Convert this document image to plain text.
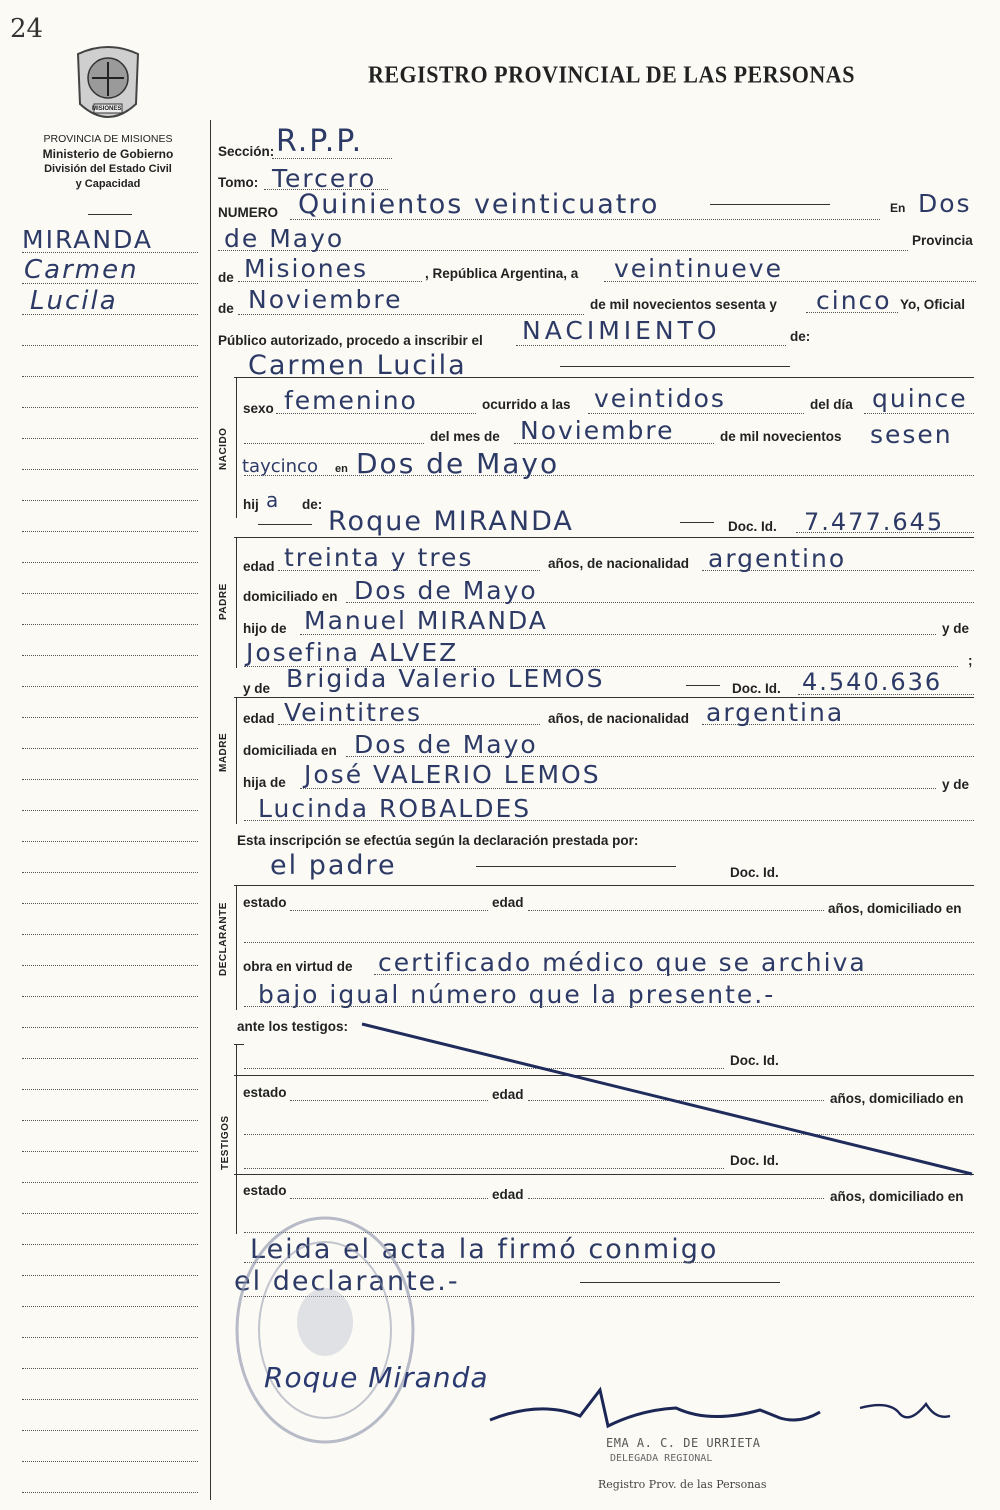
24
REGISTRO PROVINCIAL DE LAS PERSONAS
MISIONES
PROVINCIA DE MISIONES
Ministerio de Gobierno
División del Estado Civil
y Capacidad
MIRANDA
Carmen
Lucila
Sección: R.P.P.
Tomo: Tercero
NUMERO Quinientos veinticuatro	En Dos
de Mayo	Provincia
de Misiones	, República Argentina, a veintinueve
de Noviembre	de mil novecientos sesenta y cinco Yo, Oficial
Público autorizado, procedo a inscribir el NACIMIENTO	de:
Carmen Lucila
NACIDO
sexo femenino	ocurrido a las veintidos	del día quince
del mes de Noviembre	de mil novecientos sesen
taycinco en Dos de Mayo
hij a de:
Roque MIRANDA	Doc. Id. 7.477.645
PADRE
edad treinta y tres	años, de nacionalidad argentino
domiciliado en Dos de Mayo
hijo de Manuel MIRANDA	y de
Josefina ALVEZ	;
y de Brigida Valerio LEMOS	Doc. Id. 4.540.636
MADRE
edad Veintitres	años, de nacionalidad argentina
domiciliada en Dos de Mayo
hija de José VALERIO LEMOS	y de
Lucinda ROBALDES
Esta inscripción se efectúa según la declaración prestada por:
el padre	Doc. Id.
DECLARANTE estado	edad	años, domiciliado en
obra en virtud de certificado médico que se archiva
bajo igual número que la presente.-
ante los testigos:
TESTIGOS
Doc. Id.
estado	edad	años, domiciliado en
Doc. Id.
estado	edad	años, domiciliado en
Leida el acta la firmó conmigo
el declarante.-
Roque Miranda
EMA A. C. DE URRIETA
DELEGADA REGIONAL
Registro Prov. de las Personas
